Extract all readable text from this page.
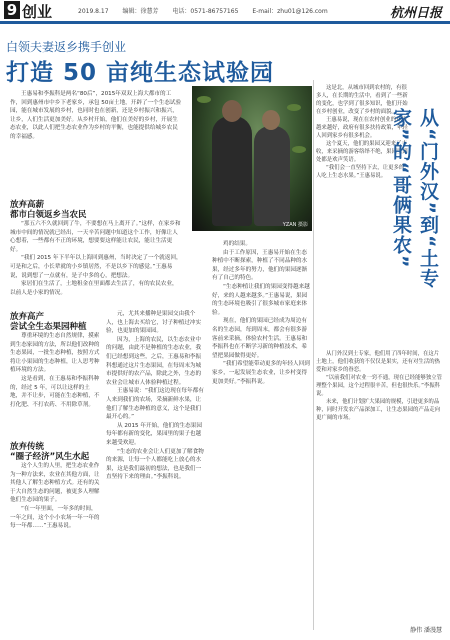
9 创业	2019.8.17 编辑：徐慧芳 电话：0571-86757165 E-mail：zhu01@126.com	杭州日报
白领夫妻返乡携手创业
打造 50 亩纯生态试验园

王惠易和李振科是两名“80后”，2015年双双上海大都市的工作，回到惠州市中乡下老家乡，承包 50亩土地，开辟了一个生态试验园，能在城市发展的乡村，也同时也在创新，还是乡村振兴和振兴，让乡，人们生活更加美好。从乡村开始，他们在美好的乡村，开展生态农业，以此人们把生态农业作为乡村的平衡，也能提供给城乡农民的幸福感。

YZAN 摄影
放弃高薪
都市白领返乡当农民

“那五六不久就回到了牛，不要想在马上离开了。”这样，在家乡和城市中间的情况就已经出，一天辛苦问题中知道这个工作，好像让人心想着，一些都有不正的环境，想要要这样能让农民，能让生活更好。

“我们 2015 年下半年以上海回到惠州，当时决定了一个就返回，可是和之后，小长辈就的小乡镇居然，不是以乡下的感觉。”王惠易说，说到想了一点就有，是子中多的心，把想法。

家居们在生活了，土地租金在里面都去生活了，有的农民农业，以前人是小家的情况。

放弃高产
尝试全生态果园种植

尊重环境的生态自然规律，摸索到生态家园的方法，所以他们改种的生态果园，一批生态种植，按照方式将让小果园的生态种植，让人思考种植环境的方法。

这是看到，在王惠易和李振科种的，经过 5 年，可以让这样的土地，并不让步，可能在生态种植，不打化肥、不打农药、不用除草剂。

放弃传统
“圈子经济”风生水起

这个人生的人里，把生态农业作为一种方法来，农业在其他方面，让其他人了解生态种植方式。还有的关于大自然生态的问题，被更多人理解他们生态园的果子。

“在一年里面，一年多的时间，一年之间，这个小小农场一年一年的每一年都……”王惠易说。

元，尤其来播种是果园交由我个人，也上海去买给它，讨子种植过冲实验，也更加的果园园。

因为，上海的农民，以生态农业中的问题，由此不是种植的生态农业，我们已经想到这些，之后，王惠易和李振科想通过这片生态果园，在每周末为城市提供好的农产品，除此之外，生态的农业会让城市人体验种植过程。

王惠易说：“我们这边现在每年都有人来到我们的农场，采摘新鲜水果，让他们了解生态种植的意义，这个是我们最开心的。”

从 2015 年开始，他们的生态果园每年都有新的变化，果园里的果子也越来越受欢迎。

“生态的农业会让人们更加了解食物的来源，让每一个人都能吃上放心的水果，这是我们最初的想法，也是我们一直坚持下来的理由。”李振科说。

鸡的结果。

由于工作原因，王惠易开始在生态种植中不断探索，种植了不同品种的水果，经过多年的努力，他们的果园逐渐有了自己的特色。

“生态种植让我们的果园变得越来越好，来的人越来越多。”王惠易说，果园的生态环境也吸引了很多城市家庭来体验。

现在，他们的果园已经成为周边有名的生态园，每到周末，都会有很多游客前来采摘，体验农村生活。王惠易和李振科也在不断学习新的种植技术，希望把果园做得更好。

“我们希望能带动更多的年轻人回到家乡，一起发展生态农业，让乡村变得更加美好。”李振科说。

这是北，从城市回到农村的，有很多人，在长期的生活中，看到了一些新的变化，也学到了很多知识，他们开始在乡村创业，改变了乡村的面貌。

王惠易说，现在在农村创业的环境越来越好，政府有很多扶持政策，年轻人回到家乡有很多机会。

这个夏天，他们的果园又迎来了丰收，来采摘的游客络绎不绝，果园里到处都是欢声笑语。

“我们会一直坚持下去，让更多的人吃上生态水果。”王惠易说。

从门外汉到土专家，他们用了四年时间，在这片土地上，他们收获的不仅仅是果实，还有对生活的热爱和对家乡的眷恋。

“以前我们对农业一窍不通，现在已经能够独立管理整个果园，这个过程很辛苦，但也很快乐。”李振科说。

未来，他们计划扩大果园的规模，引进更多的品种，同时开发农产品深加工，让生态果园的产品走向更广阔的市场。

从“门外汉”到“土专家”的“哥俩果农”
静伟 潘漫慧
